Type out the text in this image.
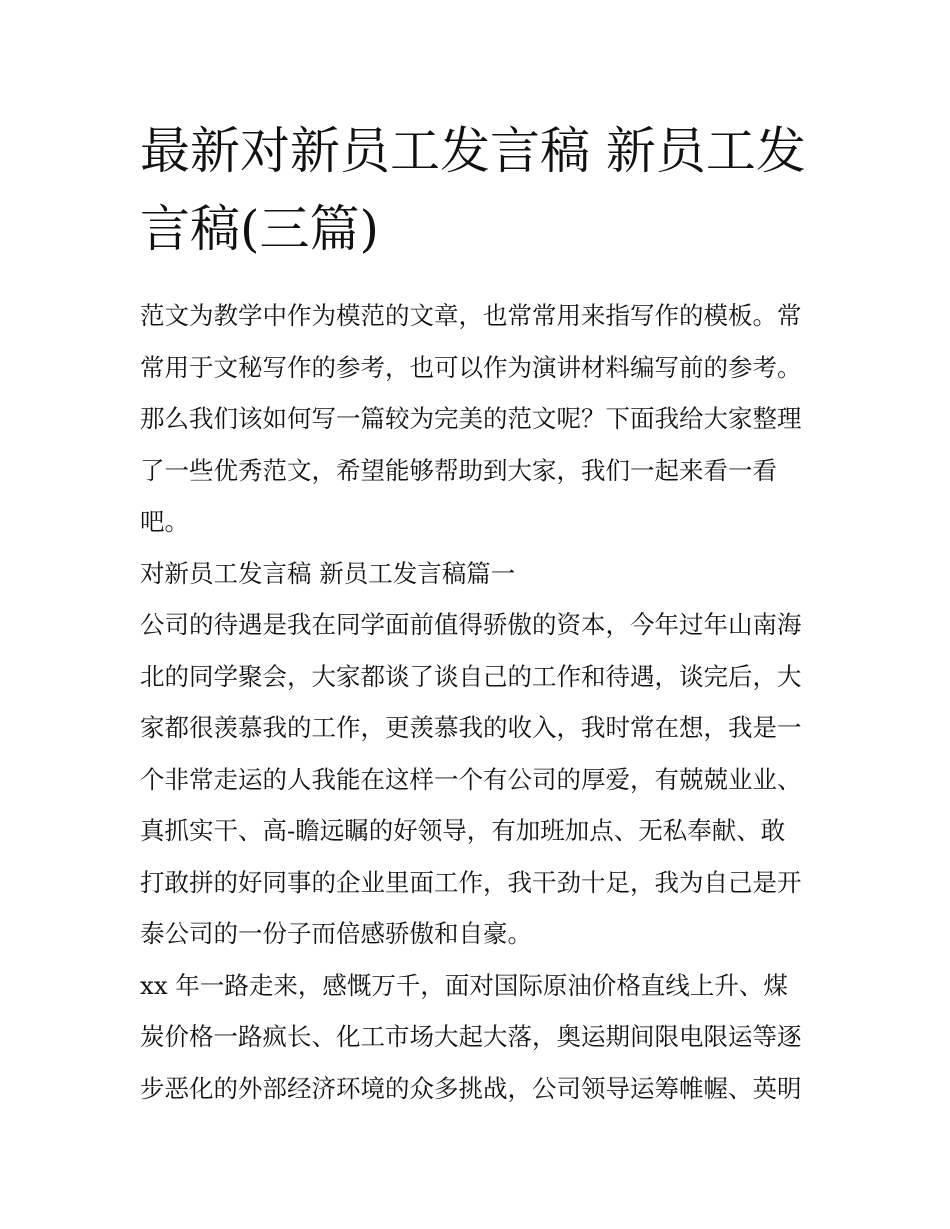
最新对新员工发言稿 新员工发
言稿(三篇)

范文为教学中作为模范的文章，也常常用来指写作的模板。常
常用于文秘写作的参考，也可以作为演讲材料编写前的参考。
那么我们该如何写一篇较为完美的范文呢？下面我给大家整理
了一些优秀范文，希望能够帮助到大家，我们一起来看一看
吧。

对新员工发言稿 新员工发言稿篇一

公司的待遇是我在同学面前值得骄傲的资本，今年过年山南海
北的同学聚会，大家都谈了谈自己的工作和待遇，谈完后，大
家都很羡慕我的工作，更羡慕我的收入，我时常在想，我是一
个非常走运的人我能在这样一个有公司的厚爱，有兢兢业业、
真抓实干、高-瞻远瞩的好领导，有加班加点、无私奉献、敢
打敢拼的好同事的企业里面工作，我干劲十足，我为自己是开
泰公司的一份子而倍感骄傲和自豪。

xx 年一路走来，感慨万千，面对国际原油价格直线上升、煤
炭价格一路疯长、化工市场大起大落，奥运期间限电限运等逐
步恶化的外部经济环境的众多挑战，公司领导运筹帷幄、英明
